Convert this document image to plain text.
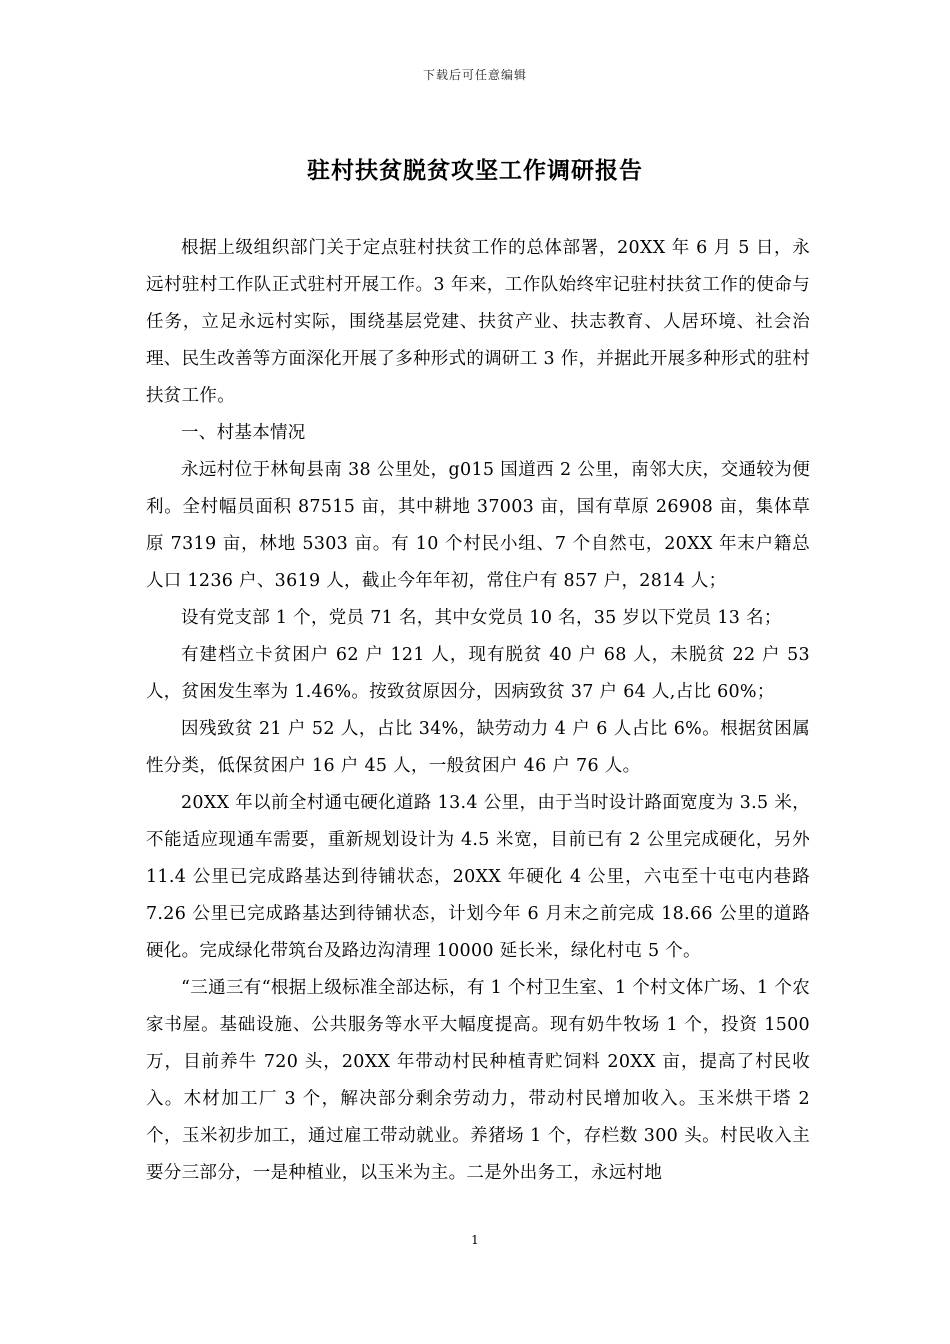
下载后可任意编辑
驻村扶贫脱贫攻坚工作调研报告

根据上级组织部门关于定点驻村扶贫工作的总体部署，20XX 年 6 月 5 日，永远村驻村工作队正式驻村开展工作。3 年来，工作队始终牢记驻村扶贫工作的使命与任务，立足永远村实际，围绕基层党建、扶贫产业、扶志教育、人居环境、社会治理、民生改善等方面深化开展了多种形式的调研工 3 作，并据此开展多种形式的驻村扶贫工作。

一、村基本情况

永远村位于林甸县南 38 公里处，g015 国道西 2 公里，南邻大庆，交通较为便利。全村幅员面积 87515 亩，其中耕地 37003 亩，国有草原 26908 亩，集体草原 7319 亩，林地 5303 亩。有 10 个村民小组、7 个自然屯，20XX 年末户籍总人口 1236 户、3619 人，截止今年年初，常住户有 857 户，2814 人；

设有党支部 1 个，党员 71 名，其中女党员 10 名，35 岁以下党员 13 名；

有建档立卡贫困户 62 户 121 人，现有脱贫 40 户 68 人，未脱贫 22 户 53 人，贫困发生率为 1.46%。按致贫原因分，因病致贫 37 户 64 人,占比 60%；

因残致贫 21 户 52 人，占比 34%，缺劳动力 4 户 6 人占比 6%。根据贫困属性分类，低保贫困户 16 户 45 人，一般贫困户 46 户 76 人。

20XX 年以前全村通屯硬化道路 13.4 公里，由于当时设计路面宽度为 3.5 米，不能适应现通车需要，重新规划设计为 4.5 米宽，目前已有 2 公里完成硬化，另外 11.4 公里已完成路基达到待铺状态，20XX 年硬化 4 公里，六屯至十屯屯内巷路 7.26 公里已完成路基达到待铺状态，计划今年 6 月末之前完成 18.66 公里的道路硬化。完成绿化带筑台及路边沟清理 10000 延长米，绿化村屯 5 个。

“三通三有“根据上级标准全部达标，有 1 个村卫生室、1 个村文体广场、1 个农家书屋。基础设施、公共服务等水平大幅度提高。现有奶牛牧场 1 个，投资 1500 万，目前养牛 720 头，20XX 年带动村民种植青贮饲料 20XX 亩，提高了村民收入。木材加工厂 3 个，解决部分剩余劳动力，带动村民增加收入。玉米烘干塔 2 个，玉米初步加工，通过雇工带动就业。养猪场 1 个，存栏数 300 头。村民收入主要分三部分，一是种植业，以玉米为主。二是外出务工，永远村地

1
